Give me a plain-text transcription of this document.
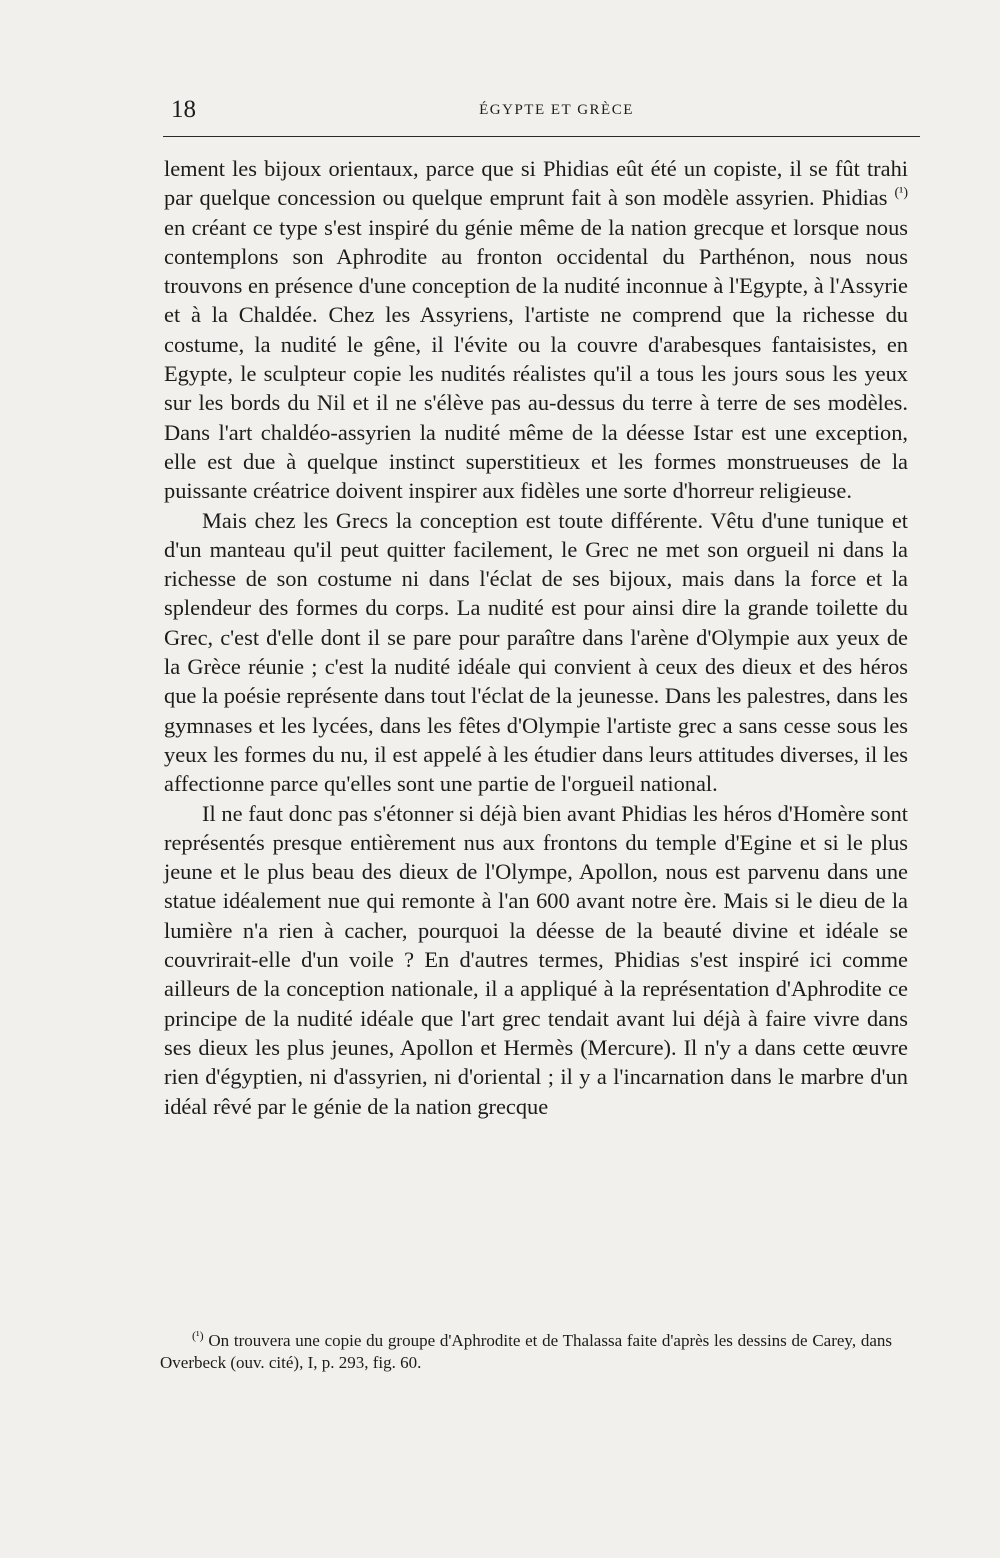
18	ÉGYPTE ET GRÈCE

lement les bijoux orientaux, parce que si Phidias eût été un copiste, il se fût trahi par quelque concession ou quelque emprunt fait à son modèle assyrien. Phidias $^{(^1)}$ en créant ce type s'est inspiré du génie même de la nation grecque et lorsque nous contemplons son Aphrodite au fronton occidental du Parthénon, nous nous trouvons en présence d'une conception de la nudité inconnue à l'Egypte, à l'Assyrie et à la Chaldée. Chez les Assyriens, l'artiste ne comprend que la richesse du costume, la nudité le gêne, il l'évite ou la couvre d'arabesques fantaisistes, en Egypte, le sculpteur copie les nudités réalistes qu'il a tous les jours sous les yeux sur les bords du Nil et il ne s'élève pas au-dessus du terre à terre de ses modèles. Dans l'art chaldéo-assyrien la nudité même de la déesse Istar est une exception, elle est due à quelque instinct superstitieux et les formes monstrueuses de la puissante créatrice doivent inspirer aux fidèles une sorte d'horreur religieuse.

Mais chez les Grecs la conception est toute différente. Vêtu d'une tunique et d'un manteau qu'il peut quitter facilement, le Grec ne met son orgueil ni dans la richesse de son costume ni dans l'éclat de ses bijoux, mais dans la force et la splendeur des formes du corps. La nudité est pour ainsi dire la grande toilette du Grec, c'est d'elle dont il se pare pour paraître dans l'arène d'Olympie aux yeux de la Grèce réunie ; c'est la nudité idéale qui convient à ceux des dieux et des héros que la poésie représente dans tout l'éclat de la jeunesse. Dans les palestres, dans les gymnases et les lycées, dans les fêtes d'Olympie l'artiste grec a sans cesse sous les yeux les formes du nu, il est appelé à les étudier dans leurs attitudes diverses, il les affectionne parce qu'elles sont une partie de l'orgueil national.

Il ne faut donc pas s'étonner si déjà bien avant Phidias les héros d'Homère sont représentés presque entièrement nus aux frontons du temple d'Egine et si le plus jeune et le plus beau des dieux de l'Olympe, Apollon, nous est parvenu dans une statue idéalement nue qui remonte à l'an 600 avant notre ère. Mais si le dieu de la lumière n'a rien à cacher, pourquoi la déesse de la beauté divine et idéale se couvrirait-elle d'un voile ? En d'autres termes, Phidias s'est inspiré ici comme ailleurs de la conception nationale, il a appliqué à la représentation d'Aphrodite ce principe de la nudité idéale que l'art grec tendait avant lui déjà à faire vivre dans ses dieux les plus jeunes, Apollon et Hermès (Mercure). Il n'y a dans cette œuvre rien d'égyptien, ni d'assyrien, ni d'oriental ; il y a l'incarnation dans le marbre d'un idéal rêvé par le génie de la nation grecque

$^{(^1)}$ On trouvera une copie du groupe d'Aphrodite et de Thalassa faite d'après les dessins de Carey, dans Overbeck (ouv. cité), I, p. 293, fig. 60.
